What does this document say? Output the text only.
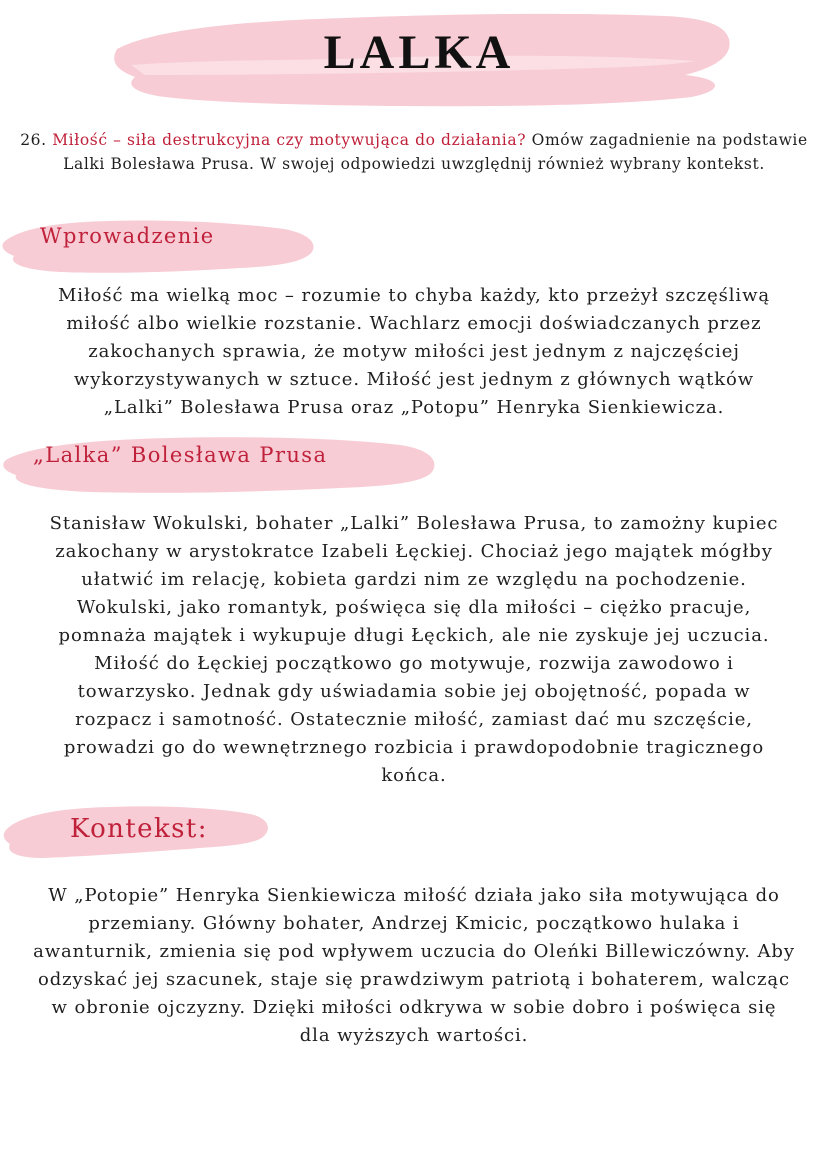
LALKA
26. Miłość – siła destrukcyjna czy motywująca do działania? Omów zagadnienie na podstawie Lalki Bolesława Prusa. W swojej odpowiedzi uwzględnij również wybrany kontekst.
Wprowadzenie
Miłość ma wielką moc – rozumie to chyba każdy, kto przeżył szczęśliwą
miłość albo wielkie rozstanie. Wachlarz emocji doświadczanych przez
zakochanych sprawia, że motyw miłości jest jednym z najczęściej
wykorzystywanych w sztuce. Miłość jest jednym z głównych wątków
„Lalki” Bolesława Prusa oraz „Potopu” Henryka Sienkiewicza.
„Lalka” Bolesława Prusa
Stanisław Wokulski, bohater „Lalki” Bolesława Prusa, to zamożny kupiec
zakochany w arystokratce Izabeli Łęckiej. Chociaż jego majątek mógłby
ułatwić im relację, kobieta gardzi nim ze względu na pochodzenie.
Wokulski, jako romantyk, poświęca się dla miłości – ciężko pracuje,
pomnaża majątek i wykupuje długi Łęckich, ale nie zyskuje jej uczucia.
Miłość do Łęckiej początkowo go motywuje, rozwija zawodowo i
towarzysko. Jednak gdy uświadamia sobie jej obojętność, popada w
rozpacz i samotność. Ostatecznie miłość, zamiast dać mu szczęście,
prowadzi go do wewnętrznego rozbicia i prawdopodobnie tragicznego
końca.
Kontekst:
W „Potopie” Henryka Sienkiewicza miłość działa jako siła motywująca do
przemiany. Główny bohater, Andrzej Kmicic, początkowo hulaka i
awanturnik, zmienia się pod wpływem uczucia do Oleńki Billewiczówny. Aby
odzyskać jej szacunek, staje się prawdziwym patriotą i bohaterem, walcząc
w obronie ojczyzny. Dzięki miłości odkrywa w sobie dobro i poświęca się
dla wyższych wartości.
